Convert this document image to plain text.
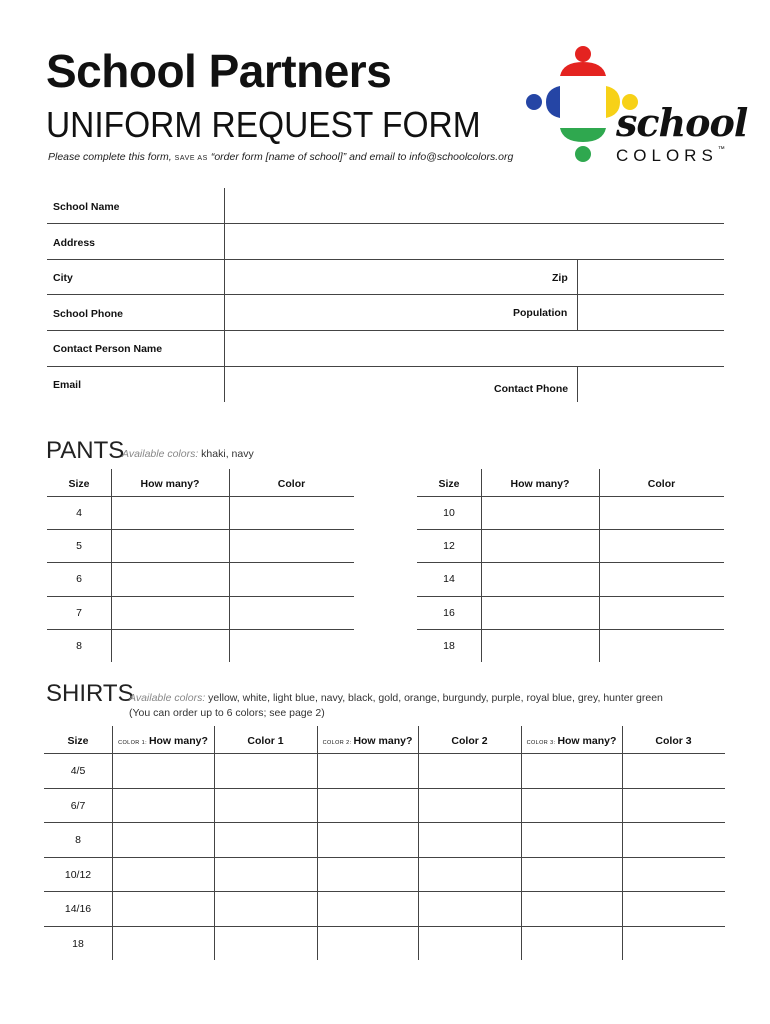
School Partners
UNIFORM REQUEST FORM
Please complete this form, SAVE AS “order form [name of school]” and email to info@schoolcolors.org
school
COLORS™
School Name
Address
City	Zip
School Phone	Population
Contact Person Name
Email	Contact Phone
PANTS
Available colors: khaki, navy
Size	How many?	Color
4
5
6
7
8
Size	How many?	Color
10
12
14
16
18
SHIRTS
Available colors: yellow, white, light blue, navy, black, gold, orange, burgundy, purple, royal blue, grey, hunter green
(You can order up to 6 colors; see page 2)
Size	COLOR 1: How many?	Color 1	COLOR 2: How many?	Color 2	COLOR 3: How many?	Color 3
4/5
6/7
8
10/12
14/16
18
